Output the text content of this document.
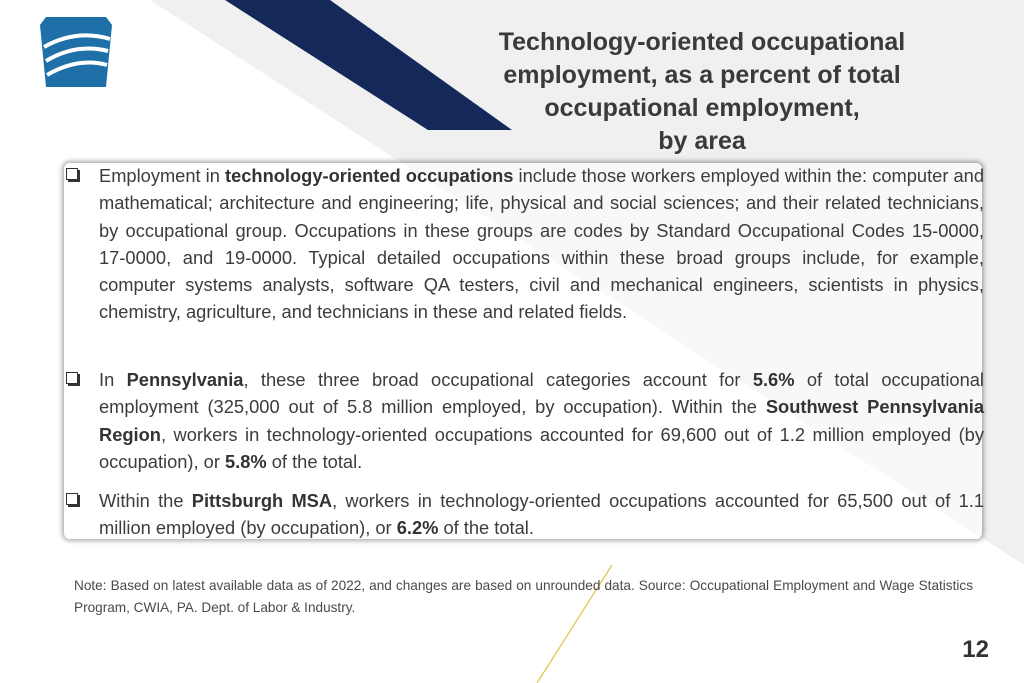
Technology-oriented occupational
employment, as a percent of total
occupational employment,
by area
Employment in technology-oriented occupations include those workers employed within the: computer and mathematical; architecture and engineering; life, physical and social sciences; and their related technicians, by occupational group. Occupations in these groups are codes by Standard Occupational Codes 15-0000, 17-0000, and 19-0000. Typical detailed occupations within these broad groups include, for example, computer systems analysts, software QA testers, civil and mechanical engineers, scientists in physics, chemistry, agriculture, and technicians in these and related fields.
In Pennsylvania, these three broad occupational categories account for 5.6% of total occupational employment (325,000 out of 5.8 million employed, by occupation). Within the Southwest Pennsylvania Region, workers in technology-oriented occupations accounted for 69,600 out of 1.2 million employed (by occupation), or 5.8% of the total.
Within the Pittsburgh MSA, workers in technology-oriented occupations accounted for 65,500 out of 1.1 million employed (by occupation), or 6.2% of the total.
Note: Based on latest available data as of 2022, and changes are based on unrounded data. Source: Occupational Employment and Wage Statistics Program, CWIA, PA. Dept. of Labor & Industry.
12
